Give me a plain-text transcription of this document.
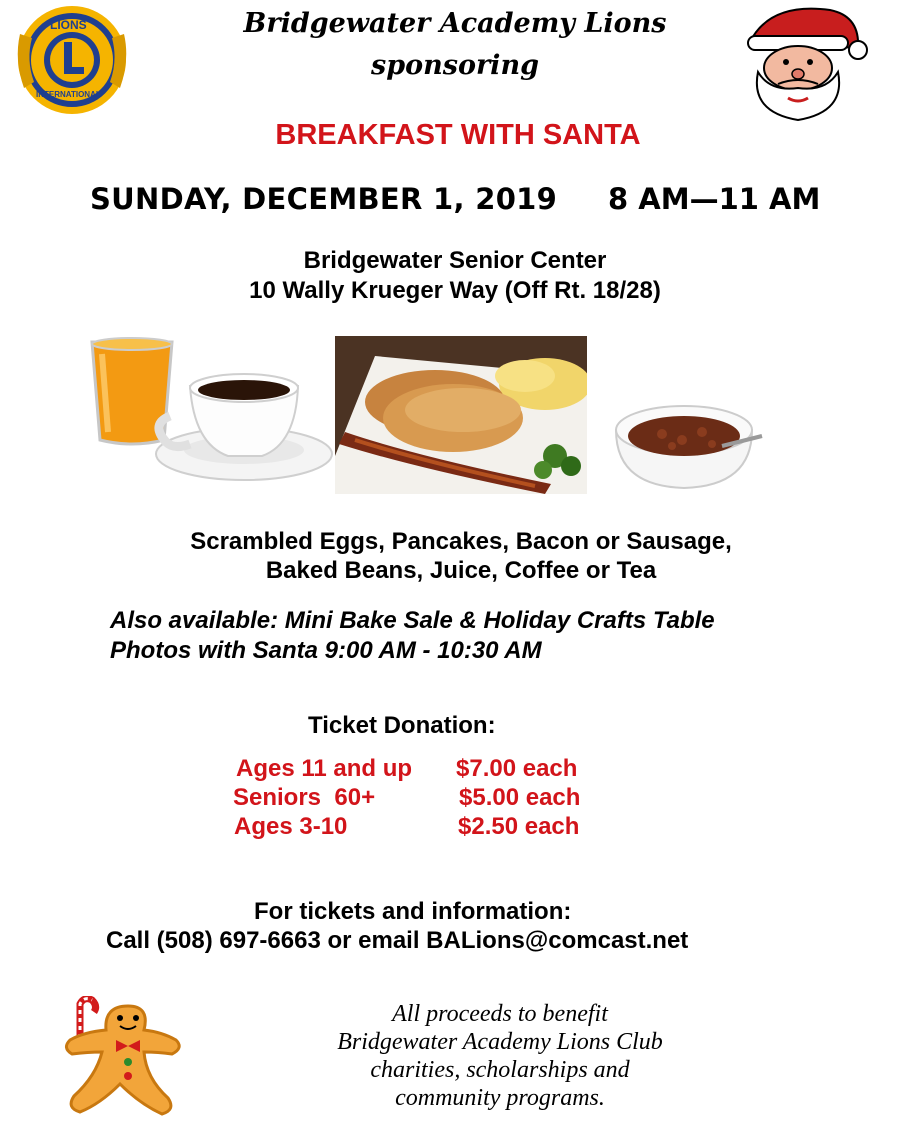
LIONS
INTERNATIONAL
Bridgewater Academy Lions
sponsoring
BREAKFAST WITH SANTA
SUNDAY, DECEMBER 1, 2019 8 AM—11 AM
Bridgewater Senior Center
10 Wally Krueger Way (Off Rt. 18/28)
Scrambled Eggs, Pancakes, Bacon or Sausage,
Baked Beans, Juice, Coffee or Tea
Also available: Mini Bake Sale & Holiday Crafts Table
Photos with Santa 9:00 AM - 10:30 AM
Ticket Donation:
Ages 11 and up $7.00 each
Seniors  60+	$5.00 each
Ages 3-10	$2.50 each
For tickets and information:
Call (508) 697-6663 or email BALions@comcast.net
All proceeds to benefit
Bridgewater Academy Lions Club
charities, scholarships and
community programs.
